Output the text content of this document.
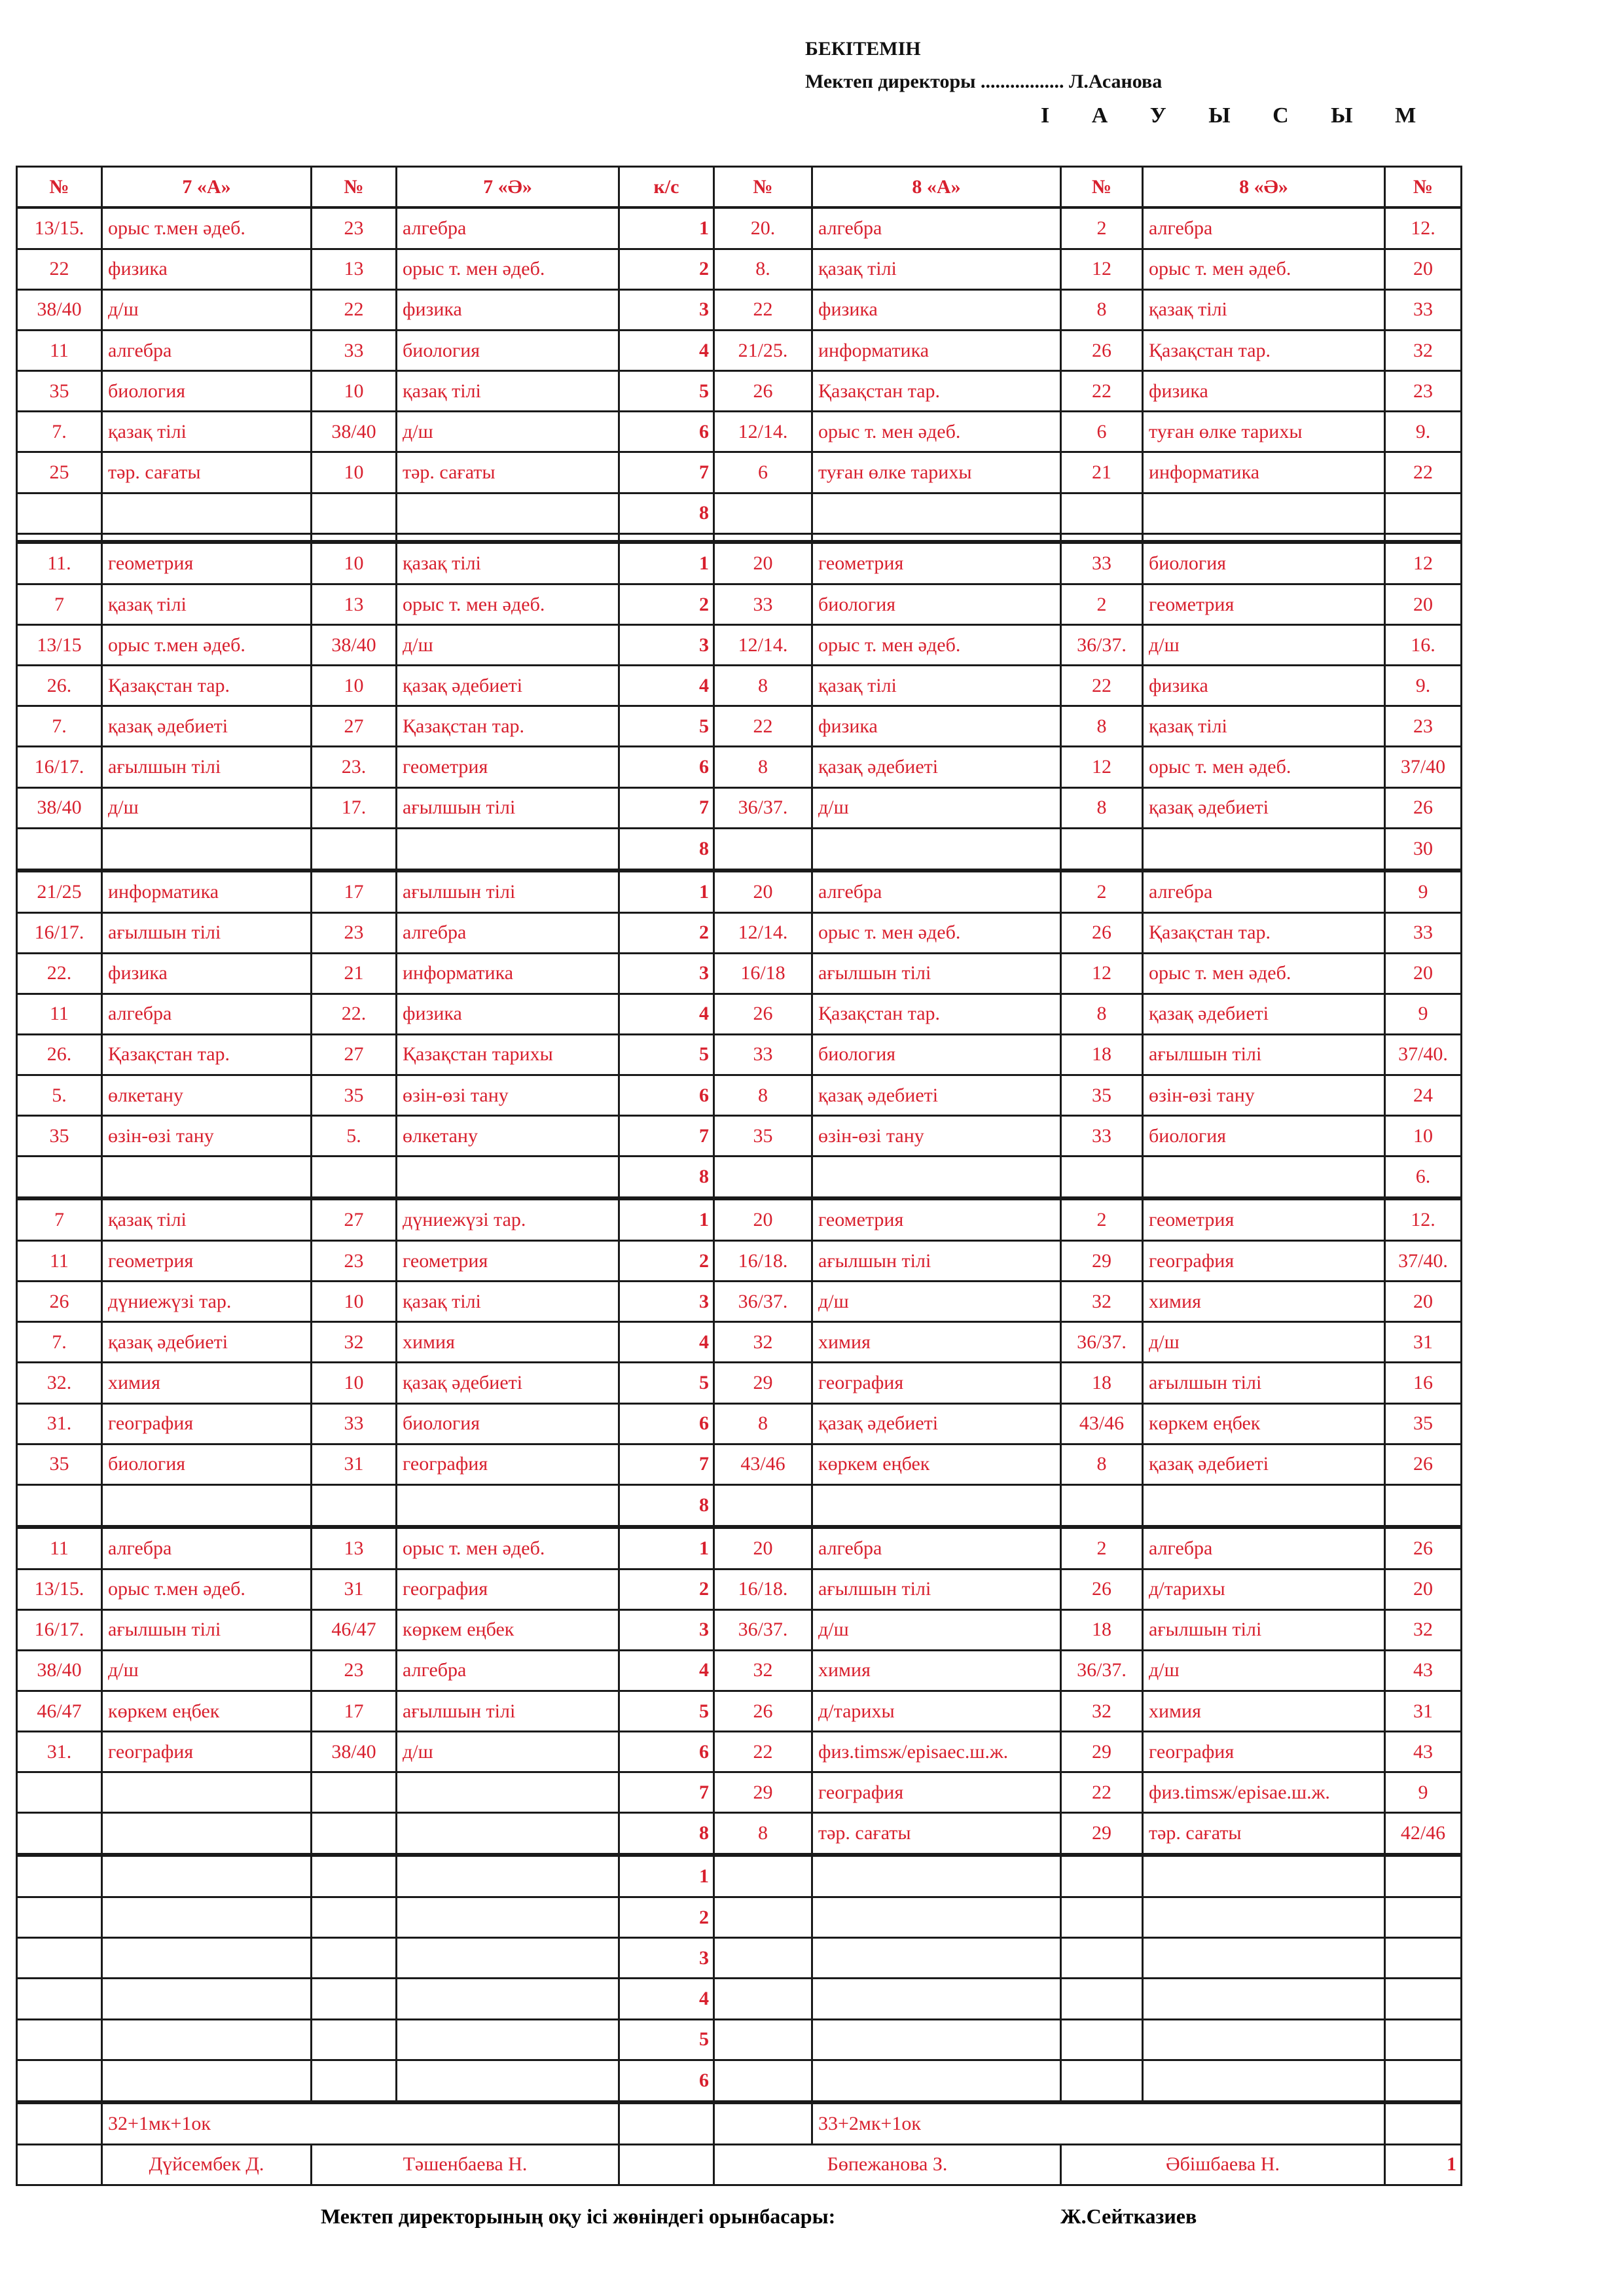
БЕКІТЕМІН
Мектеп директоры ................. Л.Асанова
І А У Ы С Ы М
№	7 «А»	№	7 «Ә»	к/с	№	8 «А»	№	8 «Ә»	№
13/15.	орыс т.мен әдеб.	23	алгебра	1	20.	алгебра	2	алгебра	12.
22	физика	13	орыс т. мен әдеб.	2	8.	қазақ тілі	12	орыс т. мен әдеб.	20
38/40	д/ш	22	физика	3	22	физика	8	қазақ тілі	33
11	алгебра	33	биология	4	21/25.	информатика	26	Қазақстан тар.	32
35	биология	10	қазақ тілі	5	26	Қазақстан тар.	22	физика	23
7.	қазақ тілі	38/40	д/ш	6	12/14.	орыс т. мен әдеб.	6	туған өлке тарихы	9.
25	тәр. сағаты	10	тәр. сағаты	7	6	туған өлке тарихы	21	информатика	22
				8					

11.	геометрия	10	қазақ тілі	1	20	геометрия	33	биология	12
7	қазақ тілі	13	орыс т. мен әдеб.	2	33	биология	2	геометрия	20
13/15	орыс т.мен әдеб.	38/40	д/ш	3	12/14.	орыс т. мен әдеб.	36/37.	д/ш	16.
26.	Қазақстан тар.	10	қазақ әдебиеті	4	8	қазақ тілі	22	физика	9.
7.	қазақ әдебиеті	27	Қазақстан тар.	5	22	физика	8	қазақ тілі	23
16/17.	ағылшын тілі	23.	геометрия	6	8	қазақ әдебиеті	12	орыс т. мен әдеб.	37/40
38/40	д/ш	17.	ағылшын тілі	7	36/37.	д/ш	8	қазақ әдебиеті	26
				8					30
21/25	информатика	17	ағылшын тілі	1	20	алгебра	2	алгебра	9
16/17.	ағылшын тілі	23	алгебра	2	12/14.	орыс т. мен әдеб.	26	Қазақстан тар.	33
22.	физика	21	информатика	3	16/18	ағылшын тілі	12	орыс т. мен әдеб.	20
11	алгебра	22.	физика	4	26	Қазақстан тар.	8	қазақ әдебиеті	9
26.	Қазақстан тар.	27	Қазақстан тарихы	5	33	биология	18	ағылшын тілі	37/40.
5.	өлкетану	35	өзін-өзі тану	6	8	қазақ әдебиеті	35	өзін-өзі тану	24
35	өзін-өзі тану	5.	өлкетану	7	35	өзін-өзі тану	33	биология	10
				8					6.
7	қазақ тілі	27	дүниежүзі тар.	1	20	геометрия	2	геометрия	12.
11	геометрия	23	геометрия	2	16/18.	ағылшын тілі	29	география	37/40.
26	дүниежүзі тар.	10	қазақ тілі	3	36/37.	д/ш	32	химия	20
7.	қазақ әдебиеті	32	химия	4	32	химия	36/37.	д/ш	31
32.	химия	10	қазақ әдебиеті	5	29	география	18	ағылшын тілі	16
31.	география	33	биология	6	8	қазақ әдебиеті	43/46	көркем еңбек	35
35	биология	31	география	7	43/46	көркем еңбек	8	қазақ әдебиеті	26
				8					
11	алгебра	13	орыс т. мен әдеб.	1	20	алгебра	2	алгебра	26
13/15.	орыс т.мен әдеб.	31	география	2	16/18.	ағылшын тілі	26	д/тарихы	20
16/17.	ағылшын тілі	46/47	көркем еңбек	3	36/37.	д/ш	18	ағылшын тілі	32
38/40	д/ш	23	алгебра	4	32	химия	36/37.	д/ш	43
46/47	көркем еңбек	17	ағылшын тілі	5	26	д/тарихы	32	химия	31
31.	география	38/40	д/ш	6	22	физ.timsж/episaec.ш.ж.	29	география	43
				7	29	география	22	физ.timsж/episae.ш.ж.	9
				8	8	тәр. сағаты	29	тәр. сағаты	42/46
				1					
				2					
				3					
				4					
				5					
				6					
	32+1мк+1ок					33+2мк+1ок			
	Дүйсембек Д.	Тәшенбаева Н.			Бөпежанова З.		Әбішбаева Н.		1
Мектеп директорының оқу ісі жөніндегі орынбасары:	Ж.Сейтказиев
